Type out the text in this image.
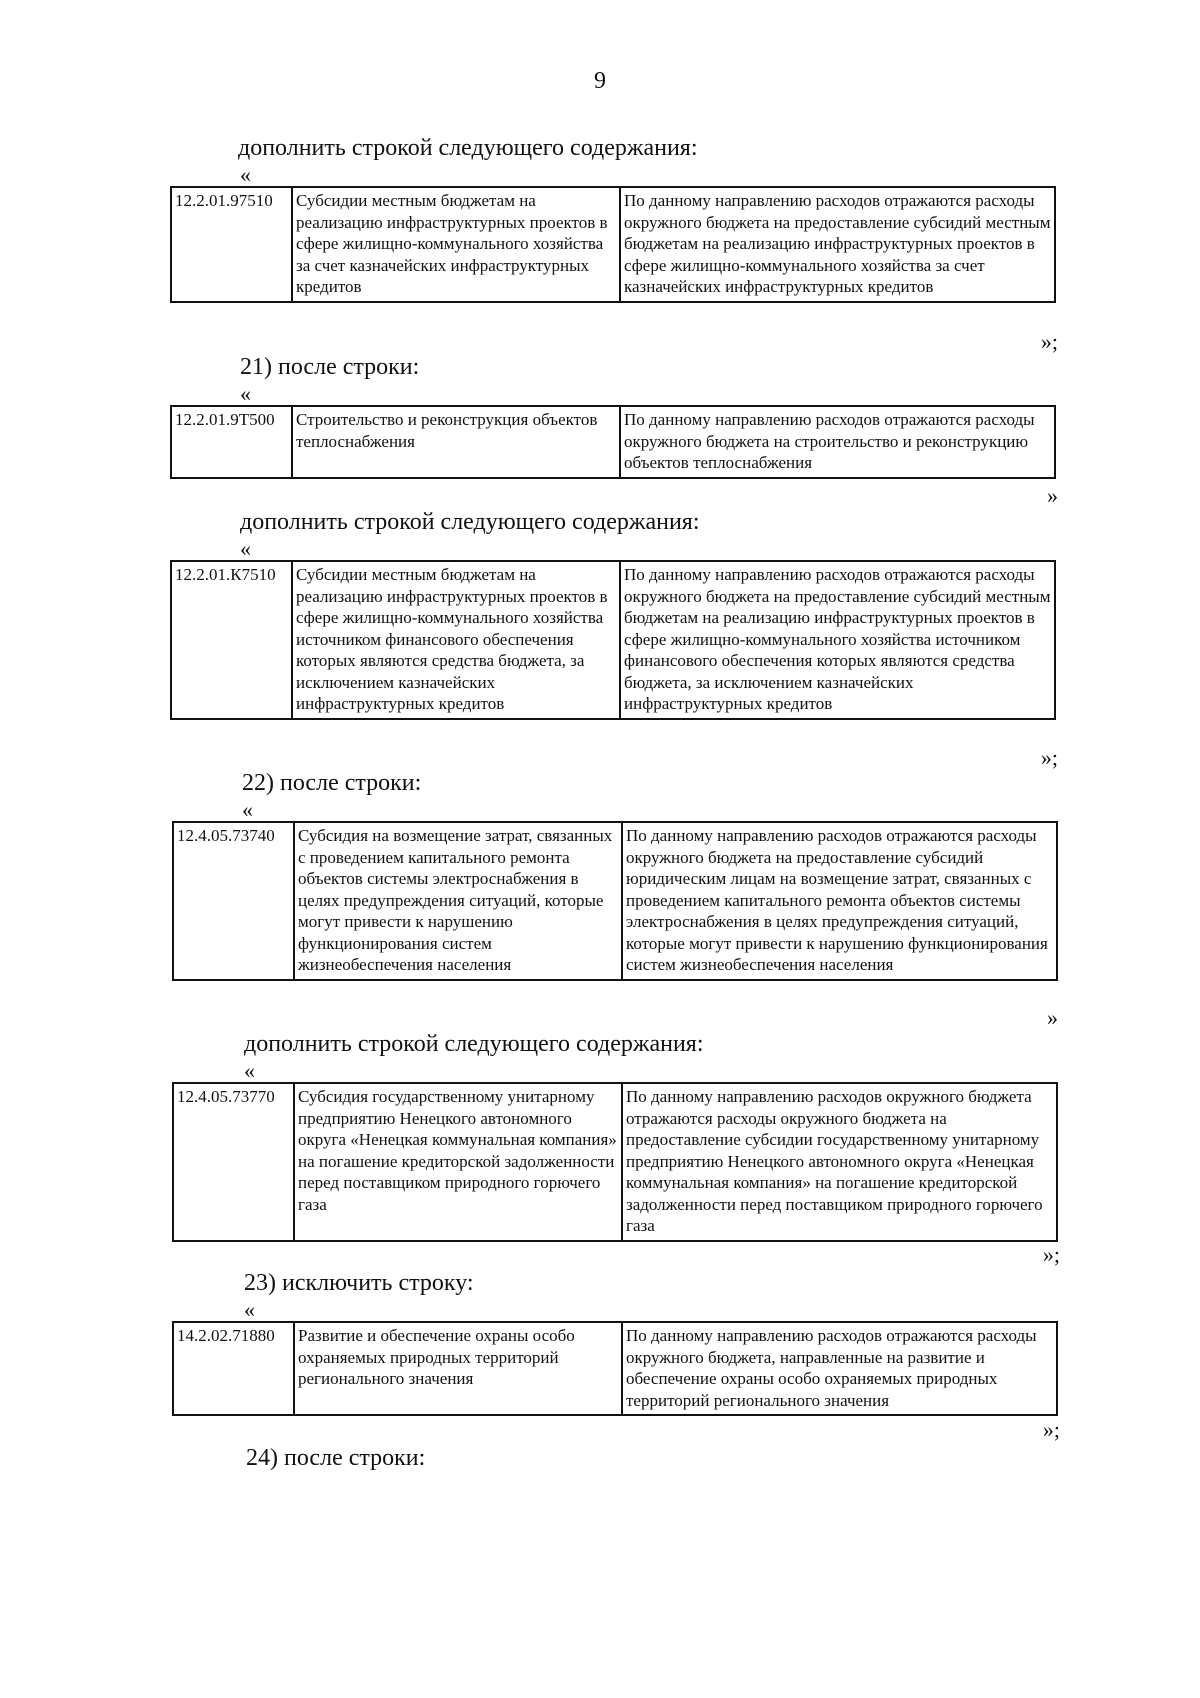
9
дополнить строкой следующего содержания:
«
12.2.01.97510	Субсидии местным бюджетам на реализацию инфраструктурных проектов в сфере жилищно-коммунального хозяйства за счет казначейских инфраструктурных кредитов	По данному направлению расходов отражаются расходы окружного бюджета на предоставление субсидий местным бюджетам на реализацию инфраструктурных проектов в сфере жилищно-коммунального хозяйства за счет казначейских инфраструктурных кредитов
»;
21) после строки:
«
12.2.01.9Т500	Строительство и реконструкция объектов теплоснабжения	По данному направлению расходов отражаются расходы окружного бюджета на строительство и реконструкцию объектов теплоснабжения
»
дополнить строкой следующего содержания:
«
12.2.01.К7510	Субсидии местным бюджетам на реализацию инфраструктурных проектов в сфере жилищно-коммунального хозяйства источником финансового обеспечения которых являются средства бюджета, за исключением казначейских инфраструктурных кредитов	По данному направлению расходов отражаются расходы окружного бюджета на предоставление субсидий местным бюджетам на реализацию инфраструктурных проектов в сфере жилищно-коммунального хозяйства источником финансового обеспечения которых являются средства бюджета, за исключением казначейских инфраструктурных кредитов
»;
22) после строки:
«
12.4.05.73740	Субсидия на возмещение затрат, связанных с проведением капитального ремонта объектов системы электроснабжения в целях предупреждения ситуаций, которые могут привести к нарушению функционирования систем жизнеобеспечения населения	По данному направлению расходов отражаются расходы окружного бюджета на предоставление субсидий юридическим лицам на возмещение затрат, связанных с проведением капитального ремонта объектов системы электроснабжения в целях предупреждения ситуаций, которые могут привести к нарушению функционирования систем жизнеобеспечения населения
»
дополнить строкой следующего содержания:
«
12.4.05.73770	Субсидия государственному унитарному предприятию Ненецкого автономного округа «Ненецкая коммунальная компания» на погашение кредиторской задолженности перед поставщиком природного горючего газа	По данному направлению расходов окружного бюджета отражаются расходы окружного бюджета на предоставление субсидии государственному унитарному предприятию Ненецкого автономного округа «Ненецкая коммунальная компания» на погашение кредиторской задолженности перед поставщиком природного горючего газа
»;
23) исключить строку:
«
14.2.02.71880	Развитие и обеспечение охраны особо охраняемых природных территорий регионального значения	По данному направлению расходов отражаются расходы окружного бюджета, направленные на развитие и обеспечение охраны особо охраняемых природных территорий регионального значения
»;
24) после строки:
